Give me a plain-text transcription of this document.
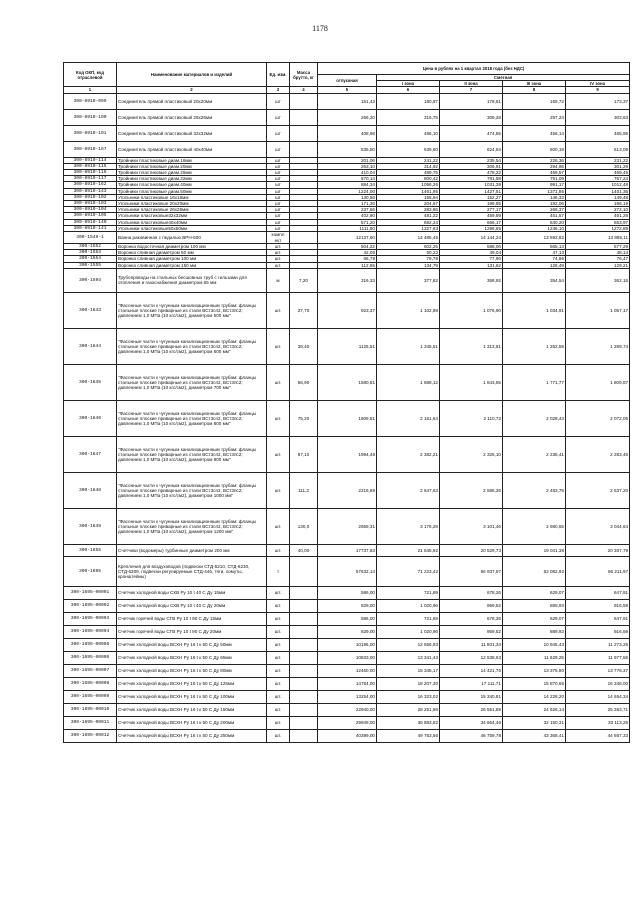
1178
Код ОКП, код отраслевой	Наименование материалов и изделий	Ед. изм.	Масса брутто, кг	Цена в рублях на 1 квартал 2018 года (без НДС)				
				отпускная	Сметная			
					I зона	II зона	III зона	IV зона
1	2	3	4	5	6	7	8	9
300-8910-099	Соединитель прямой пластиковый 20х20мм	шт		151,43	180,87	178,61	169,72	173,37
300-8910-100	Соединитель прямой пластиковый 26х26мм	шт		266,20	316,75	309,28	297,24	303,63
300-8910-101	Соединитель прямой пластиковый 32х32мм	шт		408,98	486,10	474,65	456,14	465,95
300-8910-167	Соединитель прямой пластиковый 40х40мм	шт		535,50	639,60	624,54	600,19	613,09
300-8910-114	Тройники пластиковые диам.16мм	шт		201,06	241,22	235,54	226,36	231,22
300-8910-115	Тройники пластиковые диам.20мм	шт		263,10	314,92	306,91	294,95	301,29
300-8910-116	Тройники пластиковые диам.26мм	шт		410,04	489,75	478,22	459,57	469,45
300-8910-117	Тройники пластиковые диам.32мм	шт		670,14	800,42	781,58	751,09	767,24
300-8910-162	Тройники пластиковые диам.40мм	шт		884,34	1056,26	1031,38	991,17	1012,48
300-8910-143	Тройники пластиковые диам.50мм	шт		1224,00	1461,95	1427,51	1371,86	1401,36
300-8910-102	Угольники пластиковые 16х16мм	шт		130,56	155,94	152,27	146,33	149,48
300-8910-103	Угольники пластиковые 20х20мм	шт		171,36	204,67	199,85	192,06	196,19
300-8910-104	Угольники пластиковые 26х26мм	шт		237,66	283,86	277,17	266,37	272,10
300-8910-105	Угольники пластиковые32х32мм	шт		402,90	481,22	469,89	451,57	461,28
300-8910-140	Угольники пластиковые40х40мм	шт		571,20	682,24	666,17	640,20	653,97
300-8910-141	Угольники пластиковые50х50мм	шт		1111,80	1327,93	1296,65	1246,10	1272,89
300-1549-1	Ванна раковинная с педалью ВРН-600	компл ект		12127,60	14 485,45	14 144,24	13 592,82	13 885,11
300-1552	Воронка водосточная диаметром 100 мм	шт.		504,22	602,25	588,06	565,13	577,29
300-1553	Воронка сливная диаметром 50 мм	шт.		42,06	50,22	49,04	47,13	48,14
300-1554	Воронка сливная диаметром 100 мм	шт.		66,79	79,78	77,90	74,86	76,47
300-1555	Воронка сливная диаметром 150 мм	шт.		112,65	134,79	131,62	126,49	129,21
300-1594	Трубопроводы на стальных бесшовных труб с гильзами для отопления и газоснабжения диаметром 65 мм	м	7,20	316,33	377,82	368,92	354,54	362,16
300-1643	"Фасонные части к чугунным канализационным трубам: фланцы стальные плоские приварные из стали ВСт3сп2, ВСт3пс2; давлением 1,0 МПа (10 кгс/см2), диаметром 500 мм"	шт.	27,70	923,37	1 102,89	1 076,90	1 034,91	1 057,17
300-1644	"Фасонные части к чугунным канализационным трубам: фланцы стальные плоские приварные из стали ВСт3сп2, ВСт3пс2; давлением 1,0 МПа (10 кгс/см2), диаметром 600 мм"	шт.	39,40	1126,51	1 345,51	1 313,81	1 262,59	1 289,74
300-1645	"Фасонные части к чугунным канализационным трубам: фланцы стальные плоские приварные из стали ВСт3сп2, ВСт3пс2; давлением 1,0 МПа (10 кгс/см2), диаметром 700 мм"	шт.	56,90	1580,81	1 888,12	1 843,65	1 771,77	1 809,87
300-1646	"Фасонные части к чугунным канализационным трубам: фланцы стальные плоские приварные из стали ВСт3сп2, ВСт3пс2; давлением 1,0 МПа (10 кгс/см2), диаметром 800 мм"	шт.	75,20	1809,81	2 161,64	2 110,72	2 028,43	2 072,05
300-1647	"Фасонные части к чугунным канализационным трубам: фланцы стальные плоские приварные из стали ВСт3сп2, ВСт3пс2; давлением 1,0 МПа (10 кгс/см2), диаметром 900 мм"	шт.	87,10	1994,48	2 382,21	2 326,10	2 235,41	2 283,46
300-1648	"Фасонные части к чугунным канализационным трубам: фланцы стальные плоские приварные из стали ВСт3сп2, ВСт3пс2; давлением 1,0 МПа (10 кгс/см2), диаметром 1000 мм"	шт.	111,2	2216,69	2 647,63	2 585,26	2 483,79	2 537,20
300-1649	"Фасонные части к чугунным канализационным трубам: фланцы стальные плоские приварные из стали ВСт3сп2, ВСт3пс2; давлением 1,0 МПа (10 кгс/см2), диаметром 1200 мм"	шт.	130,0	2659,31	3 176,28	3 101,46	2 980,55	3 044,64
300-1655	Счетчики (водомеры) турбинные диаметром 200 мм	шт.	40,00	17737,83	21 645,92	20 529,73	19 041,38	20 307,79
300-1695	Крепления для воздуховодов (подвески СТД-5210, СТД-6230, СТД-6209, подвески регулируемые СТД-446, тяги, хомуты, кронштейны)	т		57632,14	71 223,42	66 937,97	62 082,92	66 211,97
300-1695-00001	Счетчик холодной воды СХВ Ру 10 t 40 С Ду 15мм	шт.		586,00	721,69	678,26	629,07	647,91
300-1695-00002	Счетчик холодной воды СХВ Ру 10 t 40 С Ду 20мм	шт.		829,00	1 020,96	959,52	889,93	916,59
300-1695-00003	Счетчик горячей воды СГВ Ру 10 t 90 С Ду 15мм	шт.		586,00	721,69	678,26	629,07	647,91
300-1695-00004	Счетчик горячей воды СГВ Ру 10 t 90 С Ду 20мм	шт.		829,00	1 020,96	959,52	889,93	916,59
300-1695-00005	Счетчик холодной воды ВСХН Ру 16 t к 50 С Ду 50мм	шт.		10196,00	12 556,93	11 801,34	10 945,43	11 273,25
300-1695-00006	Счетчик холодной воды ВСХН Ру 16 t к 50 С Ду 65мм	шт.		10833,00	13 341,43	12 538,63	11 629,25	11 977,55
300-1695-00007	Счетчик холодной воды ВСХН Ру 16 t к 50 С Ду 80мм	шт.		12460,00	15 345,17	14 421,76	13 375,80	13 776,37
300-1695-00008	Счетчик холодной воды ВСХН Ру 16 t к 50 С Ду 125мм	шт.		14784,00	18 207,30	17 111,71	15 870,65	16 346,00
300-1695-00009	Счетчик холодной воды ВСХН Ру 16 t к 50 С Ду 100мм	шт.		13254,00	16 323,02	15 340,81	14 228,20	14 654,34
300-1695-00010	Счетчик холодной воды ВСХН Ру 16 t к 50 С Ду 150мм	шт.		22940,00	28 251,86	26 551,85	24 626,14	25 363,71
300-1695-00011	Счетчик холодной воды ВСХН Ру 16 t к 50 С Ду 200мм	шт.		29949,00	36 883,82	34 664,46	32 150,31	33 113,25
300-1695-00012	Счетчик холодной воды ВСХН Ру 16 t к 50 С Ду 250мм	шт.		40399,00	49 753,56	46 759,78	43 368,41	44 667,33
